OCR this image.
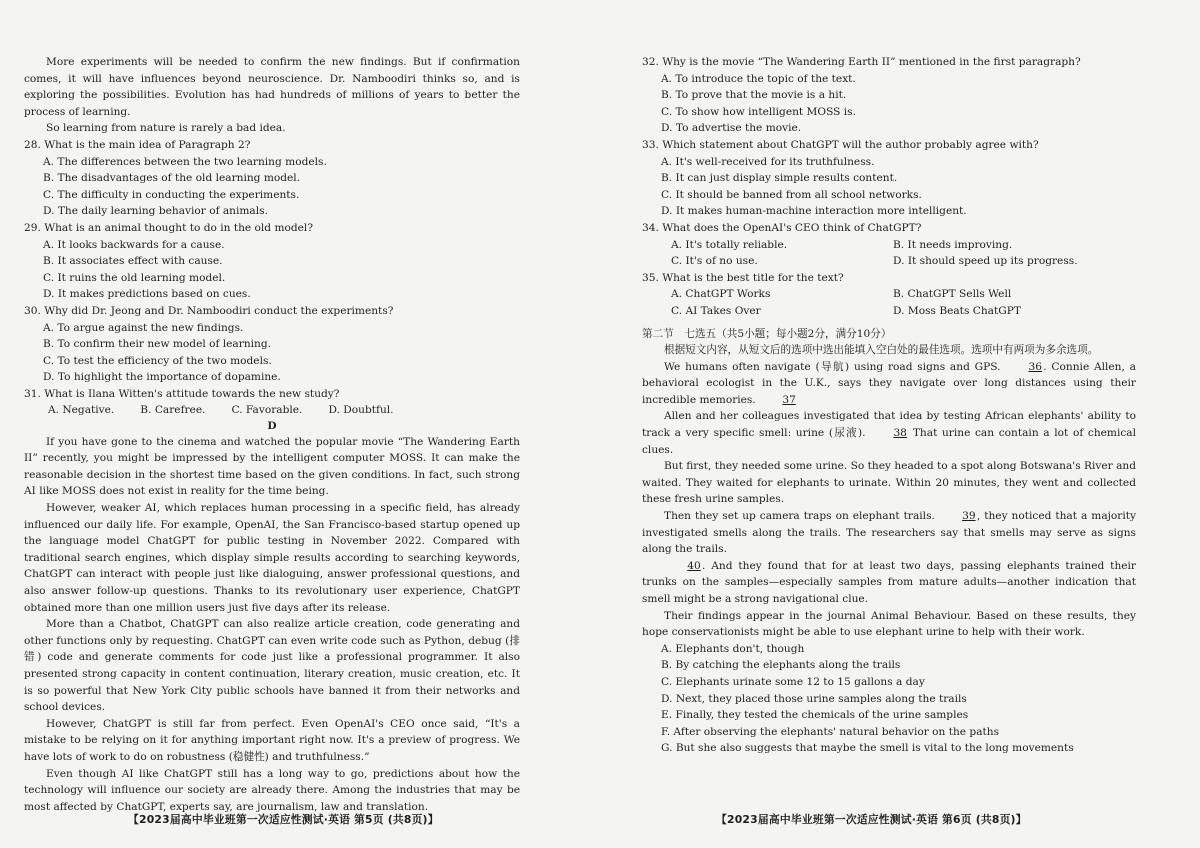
More experiments will be needed to confirm the new findings. But if confirmation comes, it will have influences beyond neuroscience. Dr. Namboodiri thinks so, and is exploring the possibilities. Evolution has had hundreds of millions of years to better the process of learning.

So learning from nature is rarely a bad idea.

28. What is the main idea of Paragraph 2?

A. The differences between the two learning models.

B. The disadvantages of the old learning model.

C. The difficulty in conducting the experiments.

D. The daily learning behavior of animals.

29. What is an animal thought to do in the old model?

A. It looks backwards for a cause.

B. It associates effect with cause.

C. It ruins the old learning model.

D. It makes predictions based on cues.

30. Why did Dr. Jeong and Dr. Namboodiri conduct the experiments?

A. To argue against the new findings.

B. To confirm their new model of learning.

C. To test the efficiency of the two models.

D. To highlight the importance of dopamine.

31. What is Ilana Witten's attitude towards the new study?

A. Negative. B. Carefree. C. Favorable. D. Doubtful.

D

If you have gone to the cinema and watched the popular movie “The Wandering Earth II” recently, you might be impressed by the intelligent computer MOSS. It can make the reasonable decision in the shortest time based on the given conditions. In fact, such strong AI like MOSS does not exist in reality for the time being.

However, weaker AI, which replaces human processing in a specific field, has already influenced our daily life. For example, OpenAI, the San Francisco-based startup opened up the language model ChatGPT for public testing in November 2022. Compared with traditional search engines, which display simple results according to searching keywords, ChatGPT can interact with people just like dialoguing, answer professional questions, and also answer follow-up questions. Thanks to its revolutionary user experience, ChatGPT obtained more than one million users just five days after its release.

More than a Chatbot, ChatGPT can also realize article creation, code generating and other functions only by requesting. ChatGPT can even write code such as Python, debug (排错) code and generate comments for code just like a professional programmer. It also presented strong capacity in content continuation, literary creation, music creation, etc. It is so powerful that New York City public schools have banned it from their networks and school devices.

However, ChatGPT is still far from perfect. Even OpenAI's CEO once said, “It's a mistake to be relying on it for anything important right now. It's a preview of progress. We have lots of work to do on robustness (稳健性) and truthfulness.”

Even though AI like ChatGPT still has a long way to go, predictions about how the technology will influence our society are already there. Among the industries that may be most affected by ChatGPT, experts say, are journalism, law and translation.

【2023届高中毕业班第一次适应性测试·英语 第5页 (共8页)】

32. Why is the movie “The Wandering Earth II” mentioned in the first paragraph?

A. To introduce the topic of the text.

B. To prove that the movie is a hit.

C. To show how intelligent MOSS is.

D. To advertise the movie.

33. Which statement about ChatGPT will the author probably agree with?

A. It's well-received for its truthfulness.

B. It can just display simple results content.

C. It should be banned from all school networks.

D. It makes human-machine interaction more intelligent.

34. What does the OpenAI's CEO think of ChatGPT?

A. It's totally reliable.	B. It needs improving.
C. It's of no use.	D. It should speed up its progress.

35. What is the best title for the text?

A. ChatGPT Works	B. ChatGPT Sells Well
C. AI Takes Over	D. Moss Beats ChatGPT

第二节　七选五（共5小题；每小题2分，满分10分）

根据短文内容，从短文后的选项中选出能填入空白处的最佳选项。选项中有两项为多余选项。

We humans often navigate (导航) using road signs and GPS.	36. Connie Allen, a behavioral ecologist in the U.K., says they navigate over long distances using their incredible memories.	37

Allen and her colleagues investigated that idea by testing African elephants' ability to track a very specific smell: urine (尿液).	38 That urine can contain a lot of chemical clues.

But first, they needed some urine. So they headed to a spot along Botswana's River and waited. They waited for elephants to urinate. Within 20 minutes, they went and collected these fresh urine samples.

Then they set up camera traps on elephant trails.	39, they noticed that a majority investigated smells along the trails. The researchers say that smells may serve as signs along the trails.

40. And they found that for at least two days, passing elephants trained their trunks on the samples—especially samples from mature adults—another indication that smell might be a strong navigational clue.

Their findings appear in the journal Animal Behaviour. Based on these results, they hope conservationists might be able to use elephant urine to help with their work.

A. Elephants don't, though

B. By catching the elephants along the trails

C. Elephants urinate some 12 to 15 gallons a day

D. Next, they placed those urine samples along the trails

E. Finally, they tested the chemicals of the urine samples

F. After observing the elephants' natural behavior on the paths

G. But she also suggests that maybe the smell is vital to the long movements

【2023届高中毕业班第一次适应性测试·英语 第6页 (共8页)】
